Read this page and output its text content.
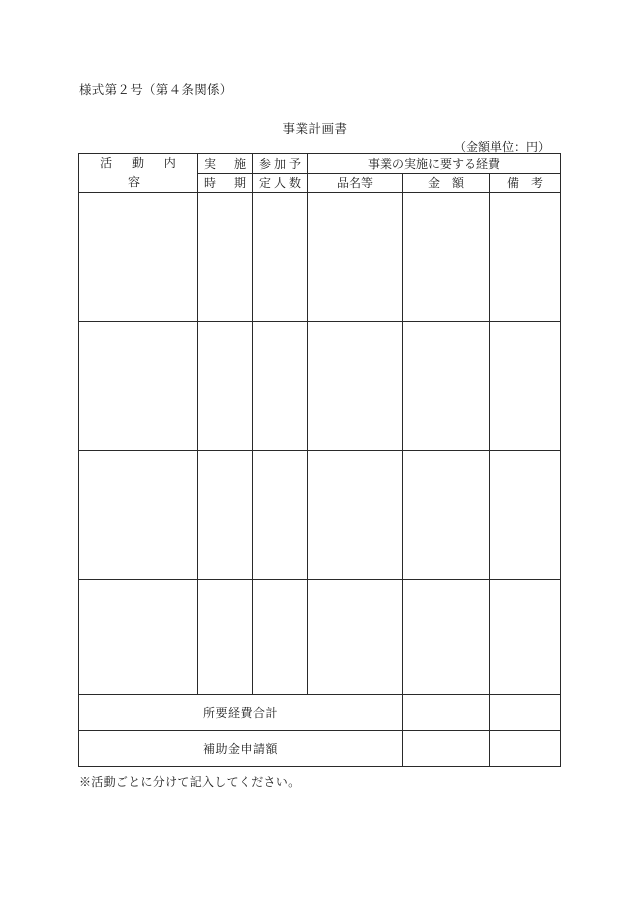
様式第２号（第４条関係）
事業計画書
（金額単位：円）
活 動 内 容	実 施	参加予	事業の実施に要する経費		

	時 期	定人数	品名等	金　額	備　考

所要経費合計					
補助金申請額					
※活動ごとに分けて記入してください。
